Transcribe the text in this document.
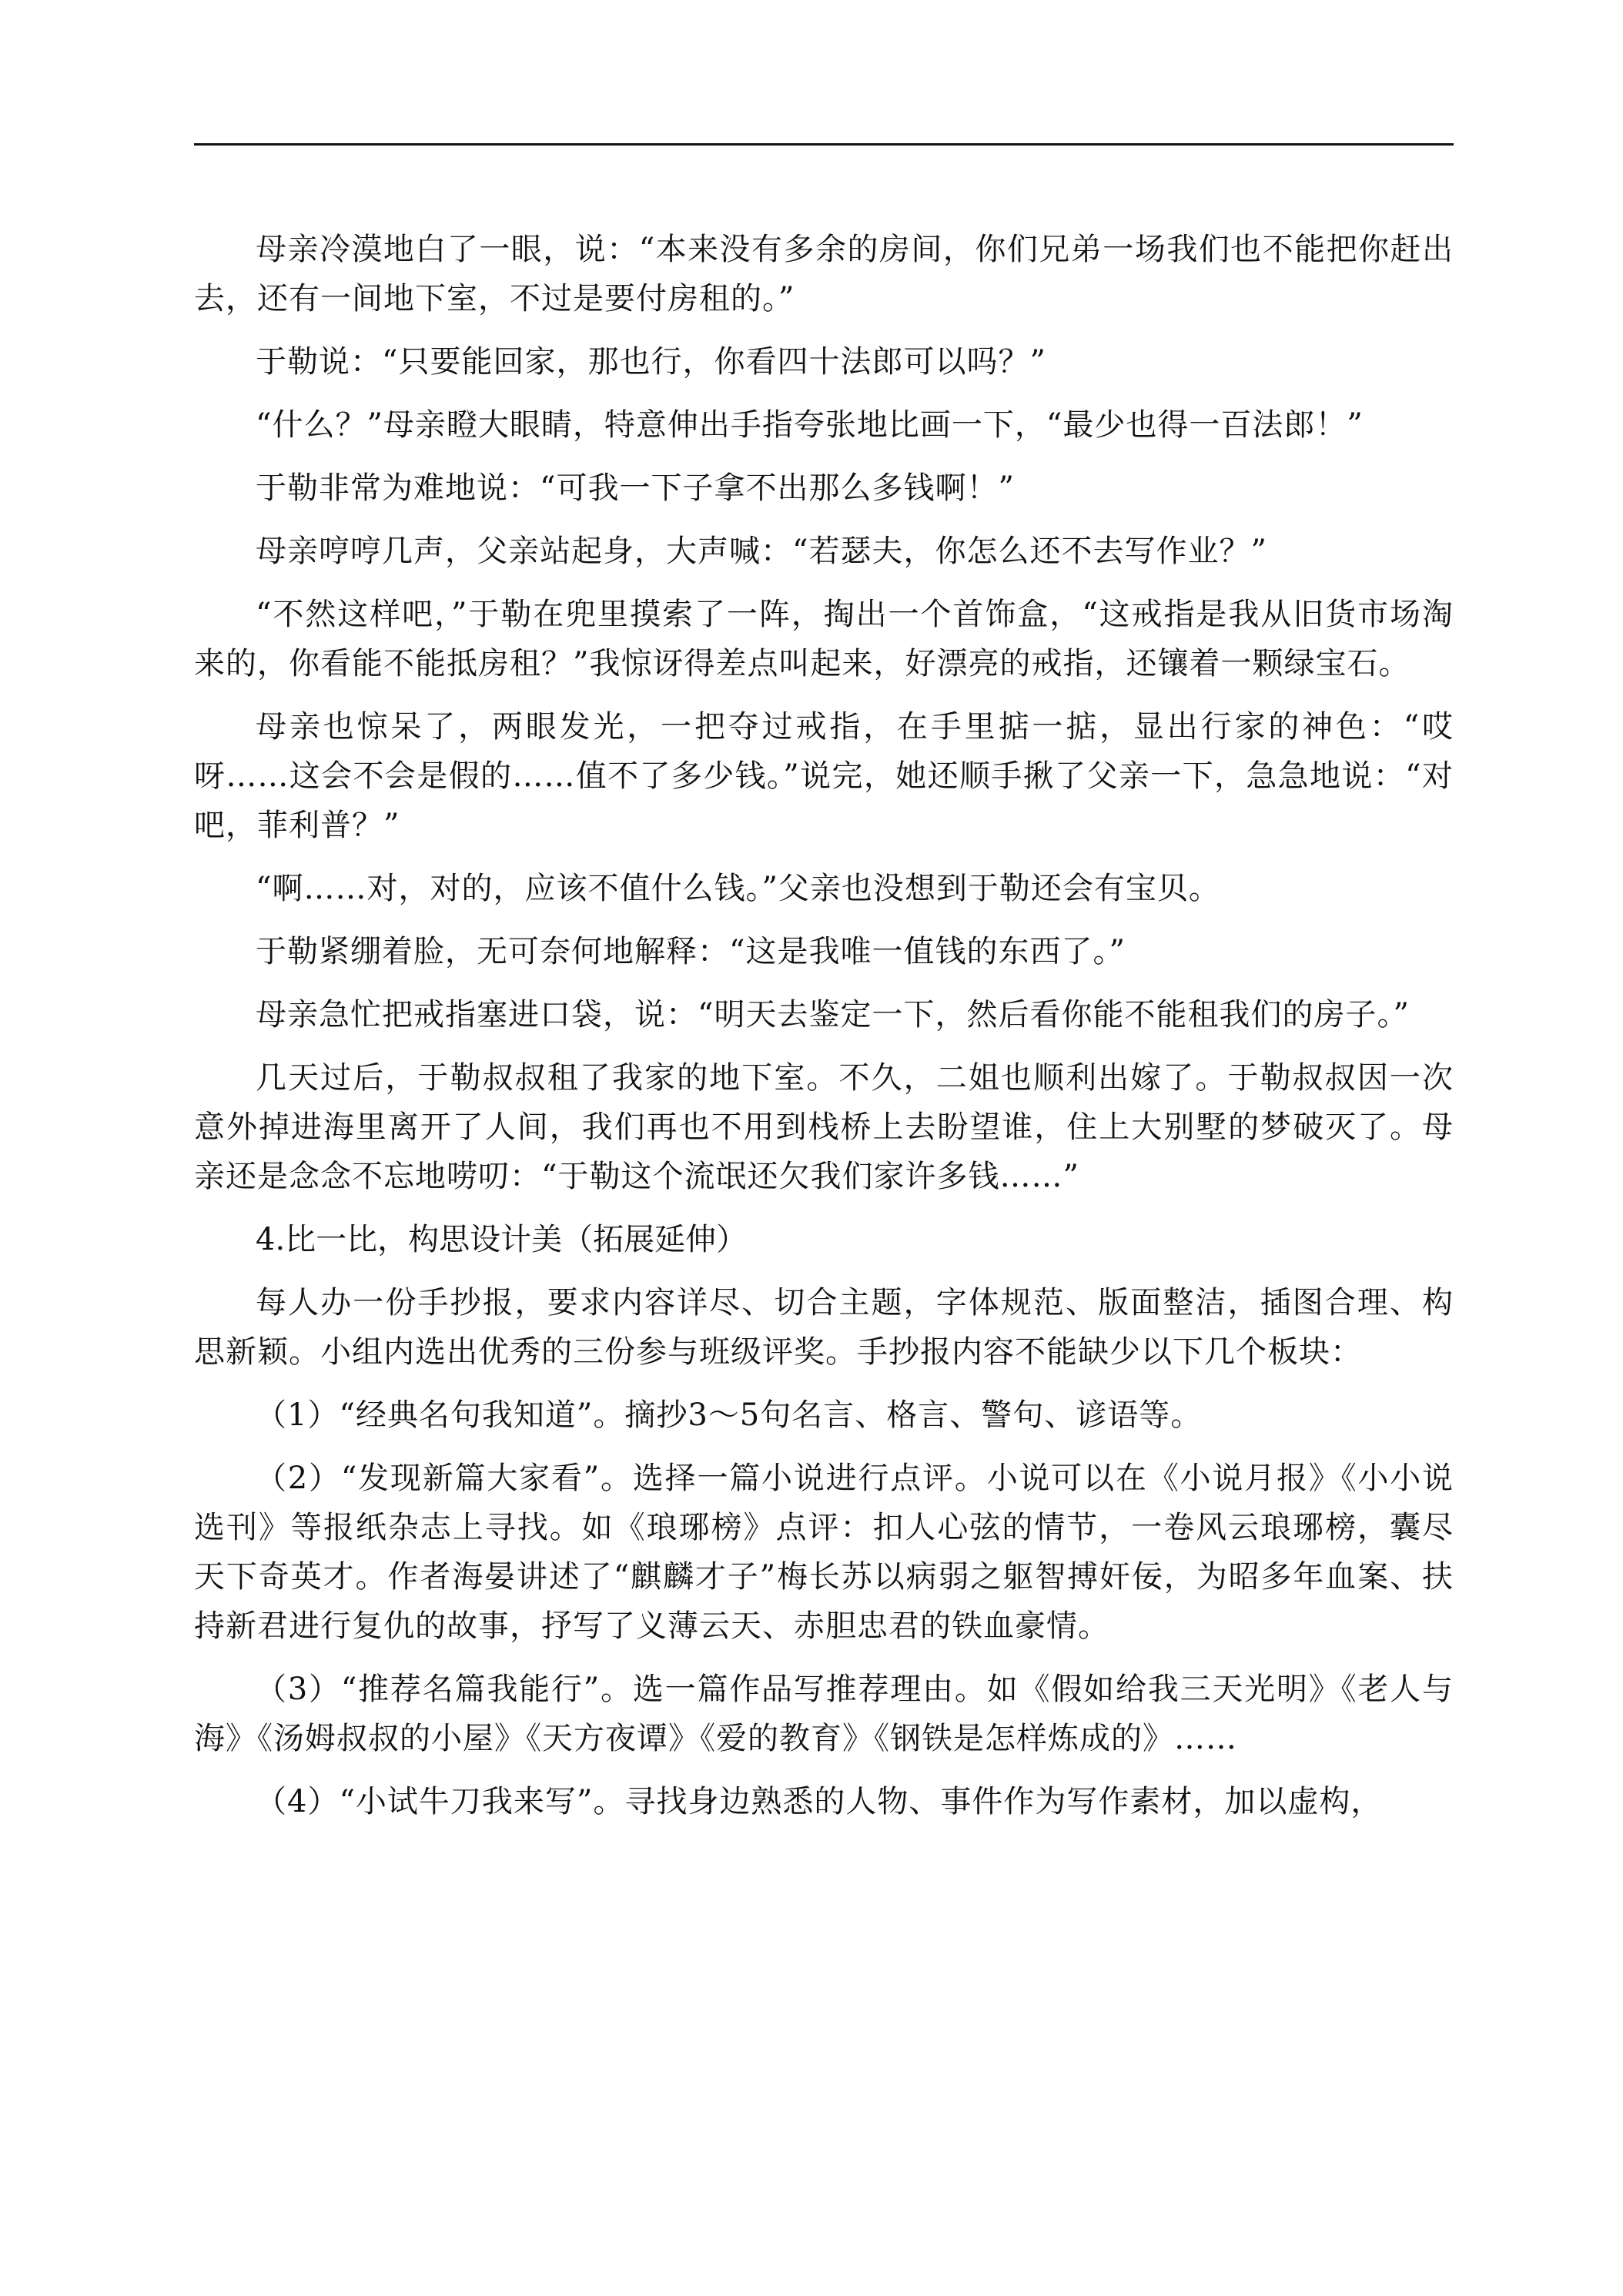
母亲冷漠地白了一眼，说：“本来没有多余的房间，你们兄弟一场我们也不能把你赶出去，还有一间地下室，不过是要付房租的。”

于勒说：“只要能回家，那也行，你看四十法郎可以吗？”

“什么？”母亲瞪大眼睛，特意伸出手指夸张地比画一下，“最少也得一百法郎！”

于勒非常为难地说：“可我一下子拿不出那么多钱啊！”

母亲哼哼几声，父亲站起身，大声喊：“若瑟夫，你怎么还不去写作业？”

“不然这样吧，”于勒在兜里摸索了一阵，掏出一个首饰盒，“这戒指是我从旧货市场淘来的，你看能不能抵房租？”我惊讶得差点叫起来，好漂亮的戒指，还镶着一颗绿宝石。

母亲也惊呆了，两眼发光，一把夺过戒指，在手里掂一掂，显出行家的神色：“哎呀……这会不会是假的……值不了多少钱。”说完，她还顺手揪了父亲一下，急急地说：“对吧，菲利普？”

“啊……对，对的，应该不值什么钱。”父亲也没想到于勒还会有宝贝。

于勒紧绷着脸，无可奈何地解释：“这是我唯一值钱的东西了。”

母亲急忙把戒指塞进口袋，说：“明天去鉴定一下，然后看你能不能租我们的房子。”

几天过后，于勒叔叔租了我家的地下室。不久，二姐也顺利出嫁了。于勒叔叔因一次意外掉进海里离开了人间，我们再也不用到栈桥上去盼望谁，住上大别墅的梦破灭了。母亲还是念念不忘地唠叨：“于勒这个流氓还欠我们家许多钱……”

4.比一比，构思设计美（拓展延伸）

每人办一份手抄报，要求内容详尽、切合主题，字体规范、版面整洁，插图合理、构思新颖。小组内选出优秀的三份参与班级评奖。手抄报内容不能缺少以下几个板块：

（1）“经典名句我知道”。摘抄3～5句名言、格言、警句、谚语等。

（2）“发现新篇大家看”。选择一篇小说进行点评。小说可以在《小说月报》《小小说选刊》等报纸杂志上寻找。如《琅琊榜》点评：扣人心弦的情节，一卷风云琅琊榜，囊尽天下奇英才。作者海晏讲述了“麒麟才子”梅长苏以病弱之躯智搏奸佞，为昭多年血案、扶持新君进行复仇的故事，抒写了义薄云天、赤胆忠君的铁血豪情。

（3）“推荐名篇我能行”。选一篇作品写推荐理由。如《假如给我三天光明》《老人与海》《汤姆叔叔的小屋》《天方夜谭》《爱的教育》《钢铁是怎样炼成的》……

（4）“小试牛刀我来写”。寻找身边熟悉的人物、事件作为写作素材，加以虚构，
